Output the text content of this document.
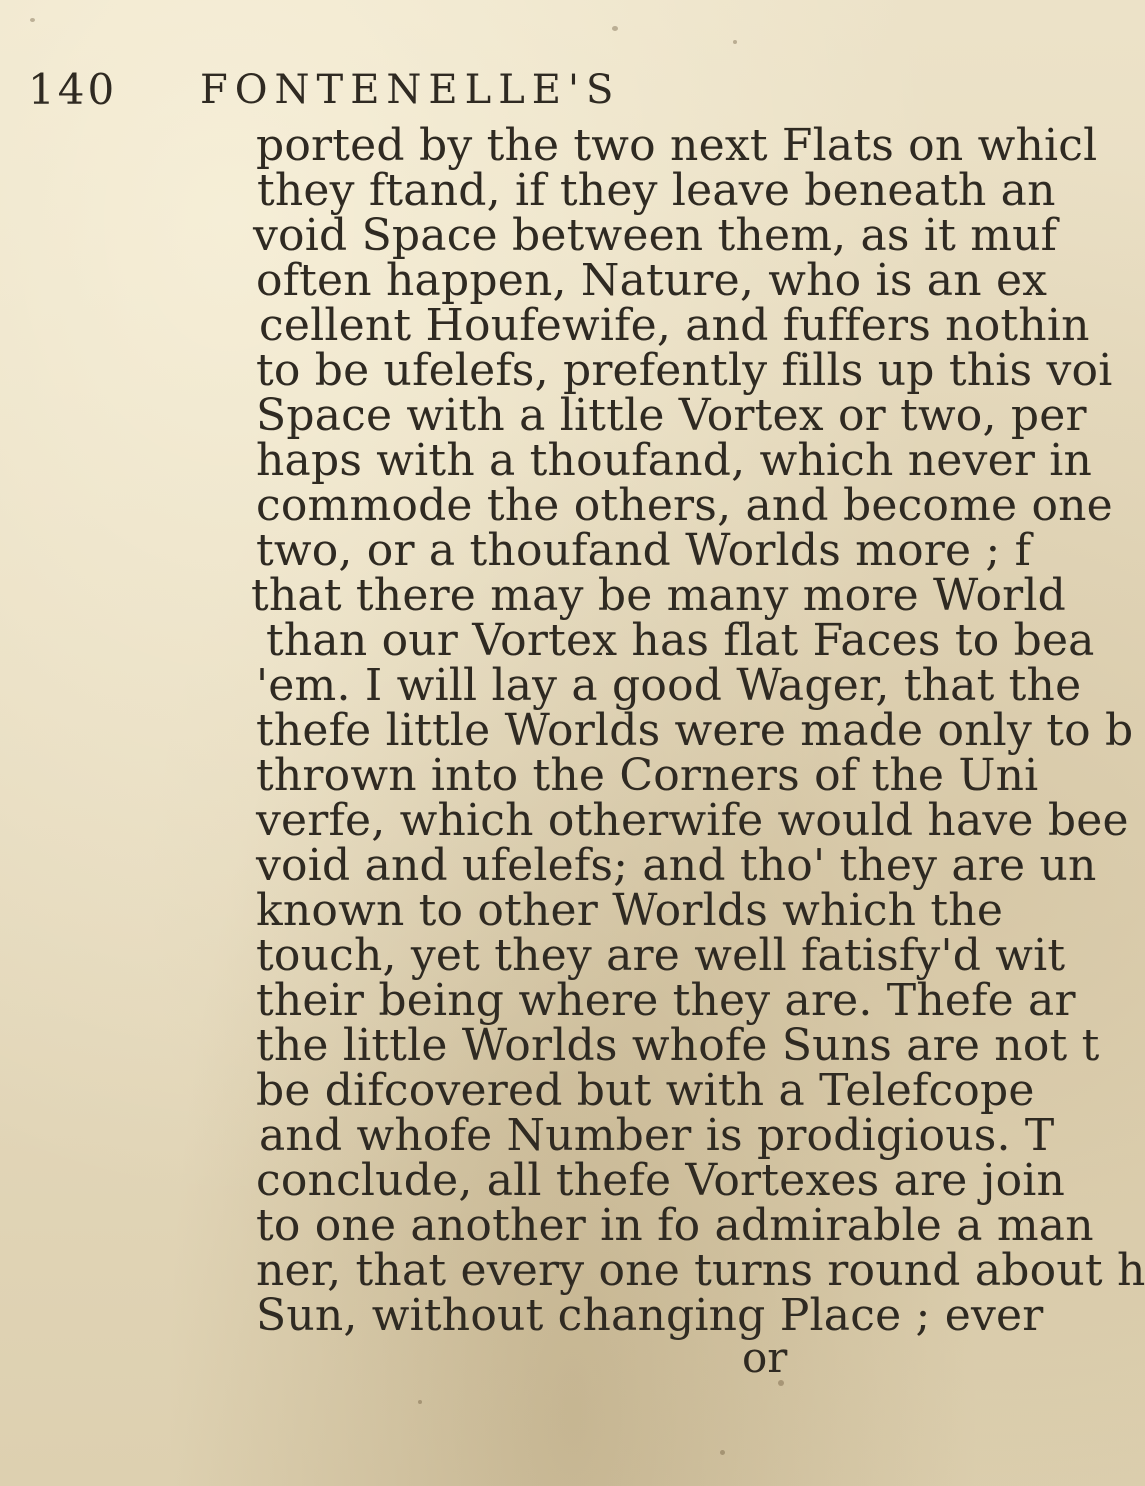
140 FONTENELLE'S
ported by the two next Flats on whicl
they ftand, if they leave beneath an
void Space between them, as it muf
often happen, Nature, who is an ex
cellent Houfewife, and fuffers nothin
to be ufelefs, prefently fills up this voi
Space with a little Vortex or two, per
haps with a thoufand, which never in
commode the others, and become one
two, or a thoufand Worlds more ; f
that there may be many more World
than our Vortex has flat Faces to bea
'em. I will lay a good Wager, that the
thefe little Worlds were made only to b
thrown into the Corners of the Uni
verfe, which otherwife would have bee
void and ufelefs; and tho' they are un
known to other Worlds which the
touch, yet they are well fatisfy'd wit
their being where they are. Thefe ar
the little Worlds whofe Suns are not t
be difcovered but with a Telefcope
and whofe Number is prodigious. T
conclude, all thefe Vortexes are join
to one another in fo admirable a man
ner, that every one turns round about h
Sun, without changing Place ; ever
or
